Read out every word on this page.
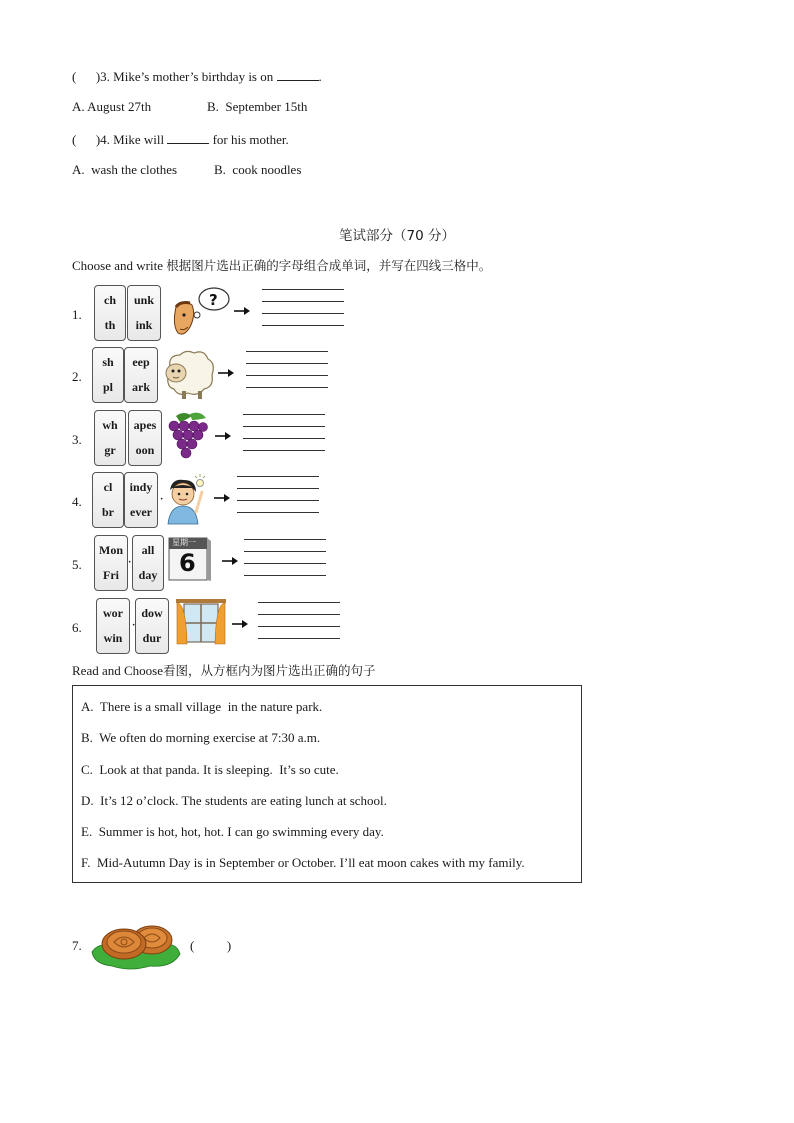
(      )3. Mike’s mother’s birthday is on	.
A. August 27th	B.  September 15th
(      )4. Mike will	for his mother.
A.  wash the clothes	B.  cook noodles
笔试部分（70 分）
Choose and write 根据图片选出正确的字母组合成单词，并写在四线三格中。
1.
ch
th
unk
ink
?
2.
sh
pl
eep
ark
3.
wh
gr
apes
oon
4.
cl
br
indy
ever
·
5.
Mon
Fri
·
all
day
星期一
6
6.
wor
win
·
dow
dur
Read and Choose看图，从方框内为图片选出正确的句子
A.  There is a small village  in the nature park.
B.  We often do morning exercise at 7:30 a.m.
C.  Look at that panda. It is sleeping.  It’s so cute.
D.  It’s 12 o’clock. The students are eating lunch at school.
E.  Summer is hot, hot, hot. I can go swimming every day.
F.  Mid-Autumn Day is in September or October. I’ll eat moon cakes with my family.
7.	(          )
